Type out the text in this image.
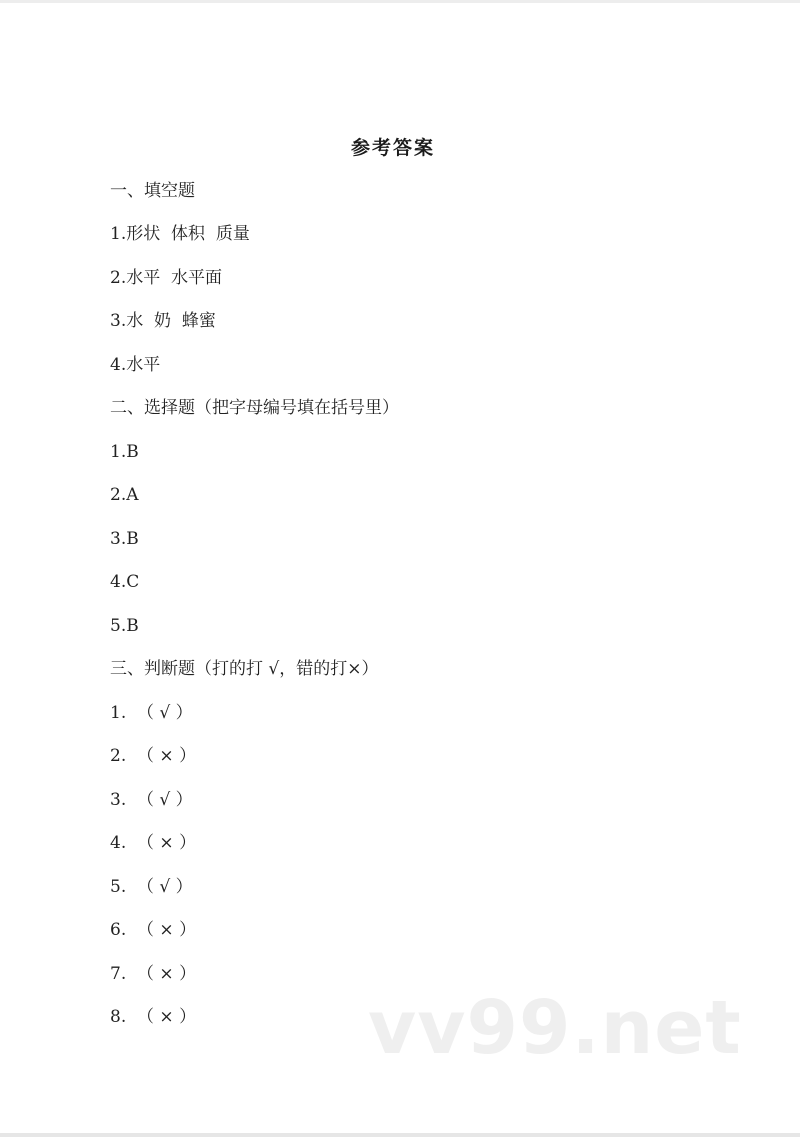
参考答案
一、填空题
1.形状  体积  质量
2.水平  水平面
3.水  奶  蜂蜜
4.水平
二、选择题（把字母编号填在括号里）
1.B
2.A
3.B
4.C
5.B
三、判断题（打的打 √，错的打×）
1.  （ √ ）
2.  （ × ）
3.  （ √ ）
4.  （ × ）
5.  （ √ ）
6.  （ × ）
7.  （ × ）
8.  （ × ） vv99.net
